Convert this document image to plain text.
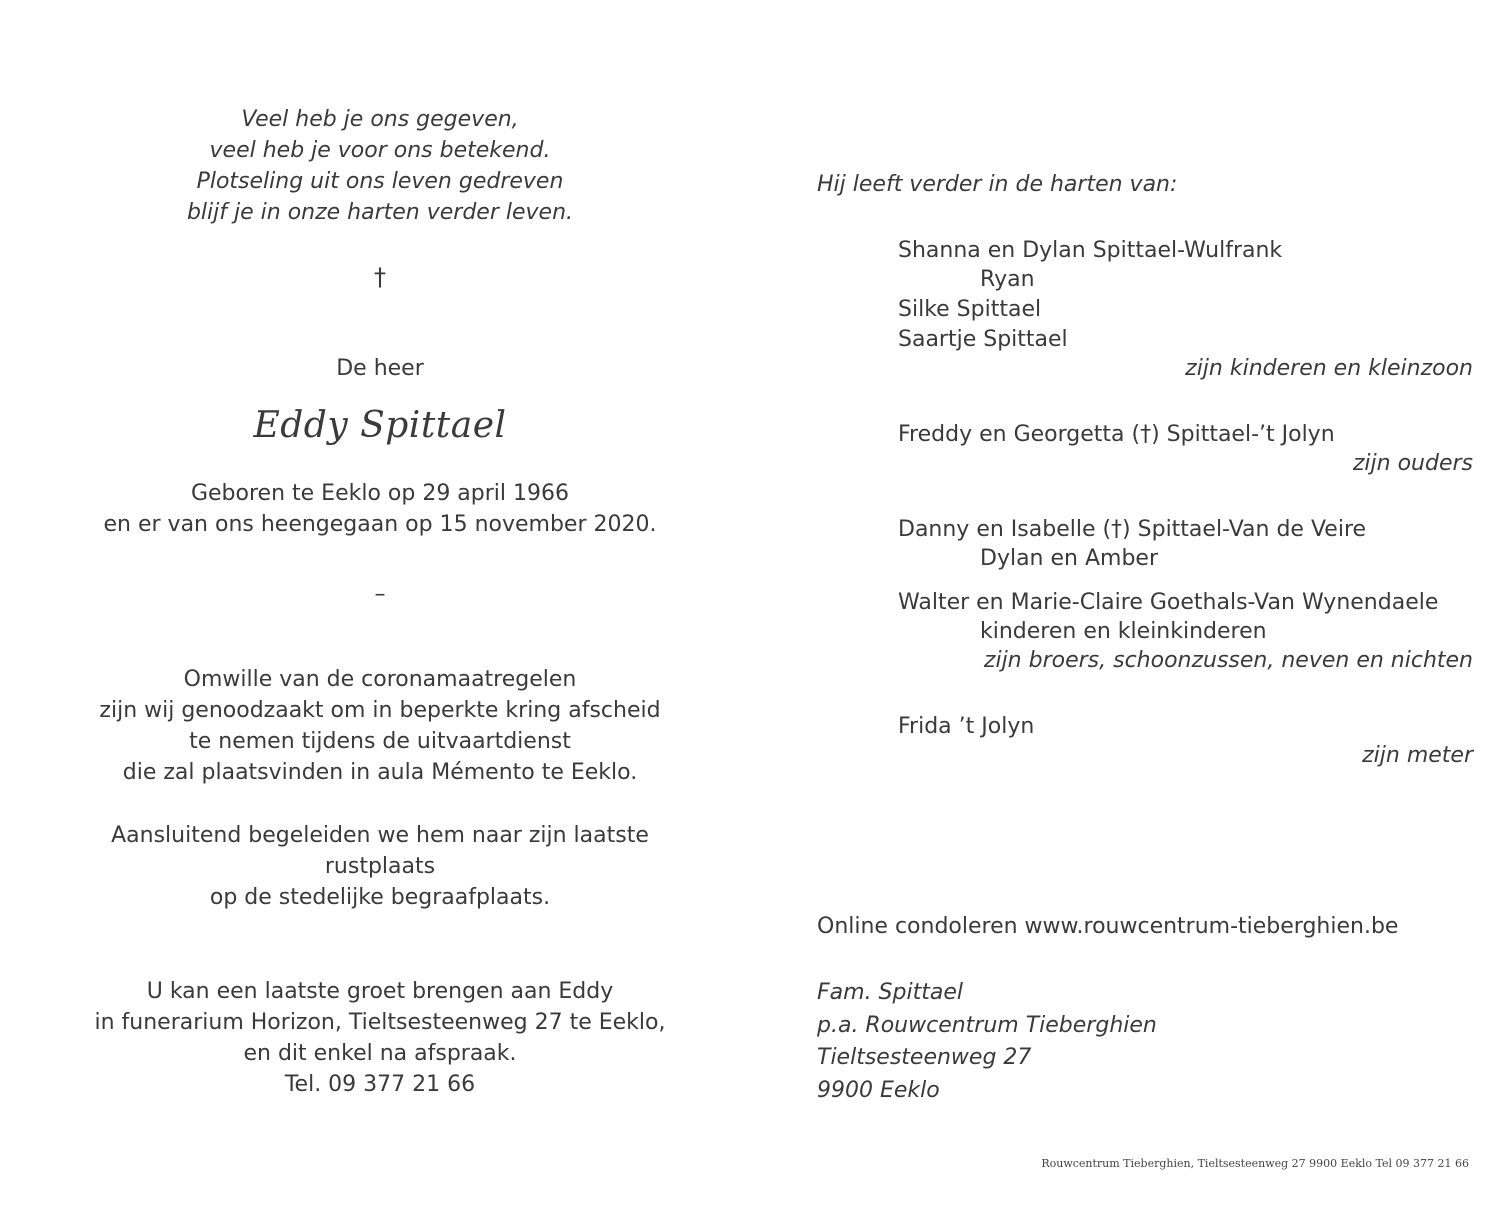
Veel heb je ons gegeven,
veel heb je voor ons betekend.
Plotseling uit ons leven gedreven
blijf je in onze harten verder leven.
†
De heer
Eddy Spittael
Geboren te Eeklo op 29 april 1966
en er van ons heengegaan op 15 november 2020.
–
Omwille van de coronamaatregelen
zijn wij genoodzaakt om in beperkte kring afscheid
te nemen tijdens de uitvaartdienst
die zal plaatsvinden in aula Mémento te Eeklo.
Aansluitend begeleiden we hem naar zijn laatste rustplaats
op de stedelijke begraafplaats.
U kan een laatste groet brengen aan Eddy
in funerarium Horizon, Tieltsesteenweg 27 te Eeklo,
en dit enkel na afspraak.
Tel. 09 377 21 66
Hij leeft verder in de harten van:
Shanna en Dylan Spittael-Wulfrank
Ryan
Silke Spittael
Saartje Spittael
zijn kinderen en kleinzoon
Freddy en Georgetta (†) Spittael-’t Jolyn
zijn ouders
Danny en Isabelle (†) Spittael-Van de Veire
Dylan en Amber
Walter en Marie-Claire Goethals-Van Wynendaele
kinderen en kleinkinderen
zijn broers, schoonzussen, neven en nichten
Frida ’t Jolyn
zijn meter
Online condoleren www.rouwcentrum-tieberghien.be
Fam. Spittael
p.a. Rouwcentrum Tieberghien
Tieltsesteenweg 27
9900 Eeklo
Rouwcentrum Tieberghien, Tieltsesteenweg 27 9900 Eeklo Tel 09 377 21 66
